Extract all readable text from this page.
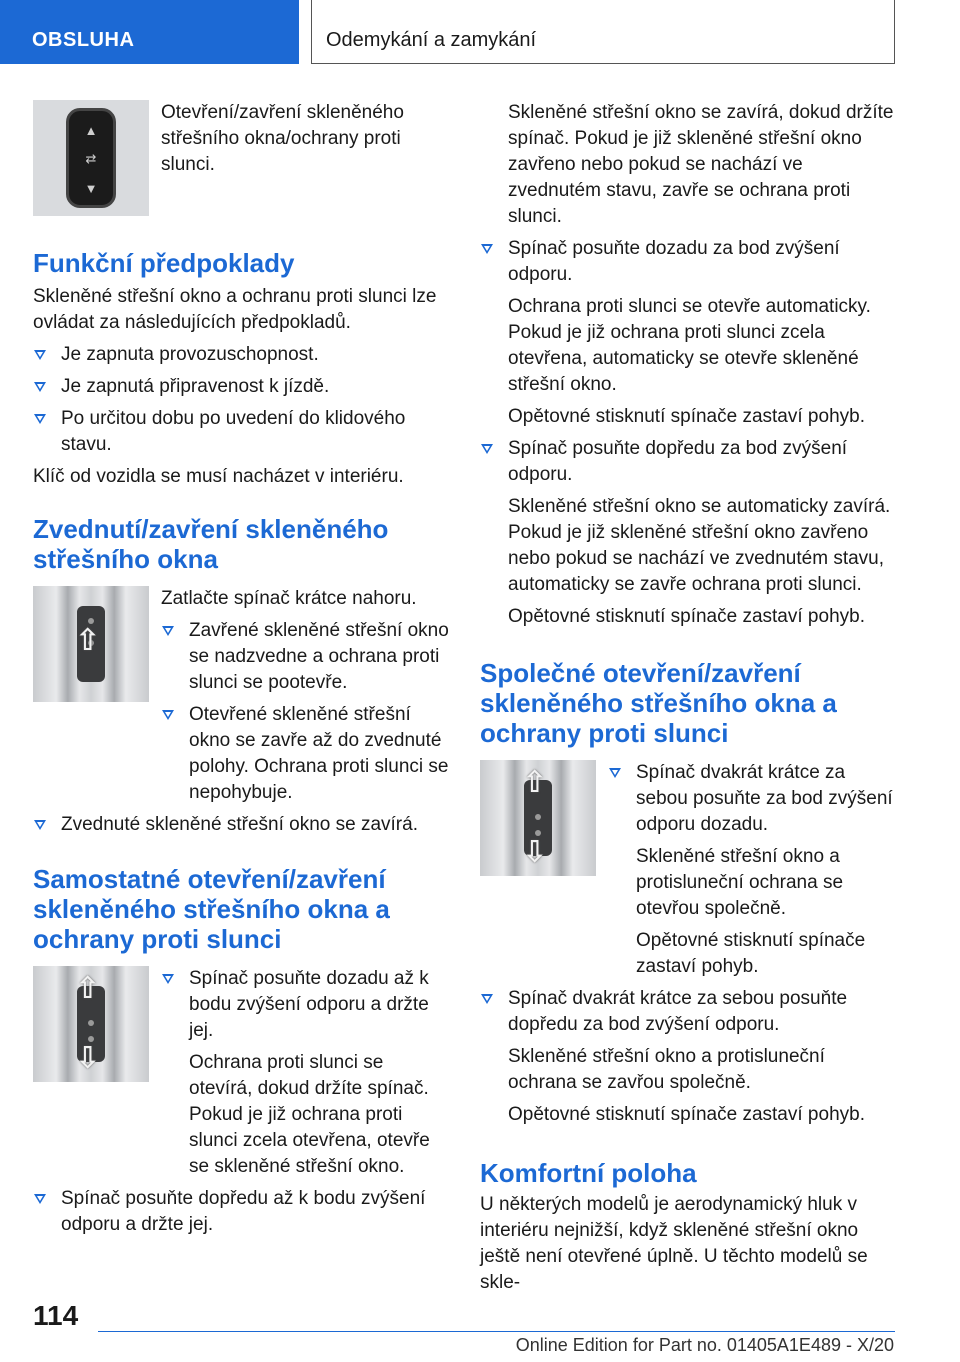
OBSLUHA	Odemykání a zamykání
▲
⇄
▼

Otevření/zavření skleněného střešního okna/ochrany proti slunci.

Funkční předpoklady

Skleněné střešní okno a ochranu proti slunci lze ovládat za následujících předpokladů.

Je zapnuta provozuschopnost.
Je zapnutá připravenost k jízdě.
Po určitou dobu po uvedení do klidového stavu.

Klíč od vozidla se musí nacházet v interiéru.

Zvednutí/zavření skleněného střešního okna
⇧

Zatlačte spínač krátce nahoru.

Zavřené skleněné střešní okno se nadzvedne a ochrana proti slunci se pootevře.
Otevřené skleněné střešní okno se zavře až do zvednuté polohy. Ochrana proti slunci se nepohybuje.
Zvednuté skleněné střešní okno se zavírá.
Samostatné otevření/zavření skleněného střešního okna a ochrany proti slunci
⇧
⇩
Spínač posuňte dozadu až k bodu zvýšení odporu a držte jej.

Ochrana proti slunci se otevírá, dokud držíte spínač. Pokud je již ochrana proti slunci zcela otevřena, otevře se skleněné střešní okno.

Spínač posuňte dopředu až k bodu zvýšení odporu a držte jej.

Skleněné střešní okno se zavírá, dokud držíte spínač. Pokud je již skleněné střešní okno zavřeno nebo pokud se nachází ve zvednutém stavu, zavře se ochrana proti slunci.

Spínač posuňte dozadu za bod zvýšení odporu.

Ochrana proti slunci se otevře automaticky. Pokud je již ochrana proti slunci zcela otevřena, automaticky se otevře skleněné střešní okno.

Opětovné stisknutí spínače zastaví pohyb.

Spínač posuňte dopředu za bod zvýšení odporu.

Skleněné střešní okno se automaticky zavírá. Pokud je již skleněné střešní okno zavřeno nebo pokud se nachází ve zvednutém stavu, automaticky se zavře ochrana proti slunci.

Opětovné stisknutí spínače zastaví pohyb.

Společné otevření/zavření skleněného střešního okna a ochrany proti slunci
⇧
⇩
Spínač dvakrát krátce za sebou posuňte za bod zvýšení odporu dozadu.

Skleněné střešní okno a protisluneční ochrana se otevřou společně.

Opětovné stisknutí spínače zastaví pohyb.

Spínač dvakrát krátce za sebou posuňte dopředu za bod zvýšení odporu.

Skleněné střešní okno a protisluneční ochrana se zavřou společně.

Opětovné stisknutí spínače zastaví pohyb.

Komfortní poloha

U některých modelů je aerodynamický hluk v interiéru nejnižší, když skleněné střešní okno ještě není otevřené úplně. U těchto modelů se skle-

114
Online Edition for Part no. 01405A1E489 - X/20
